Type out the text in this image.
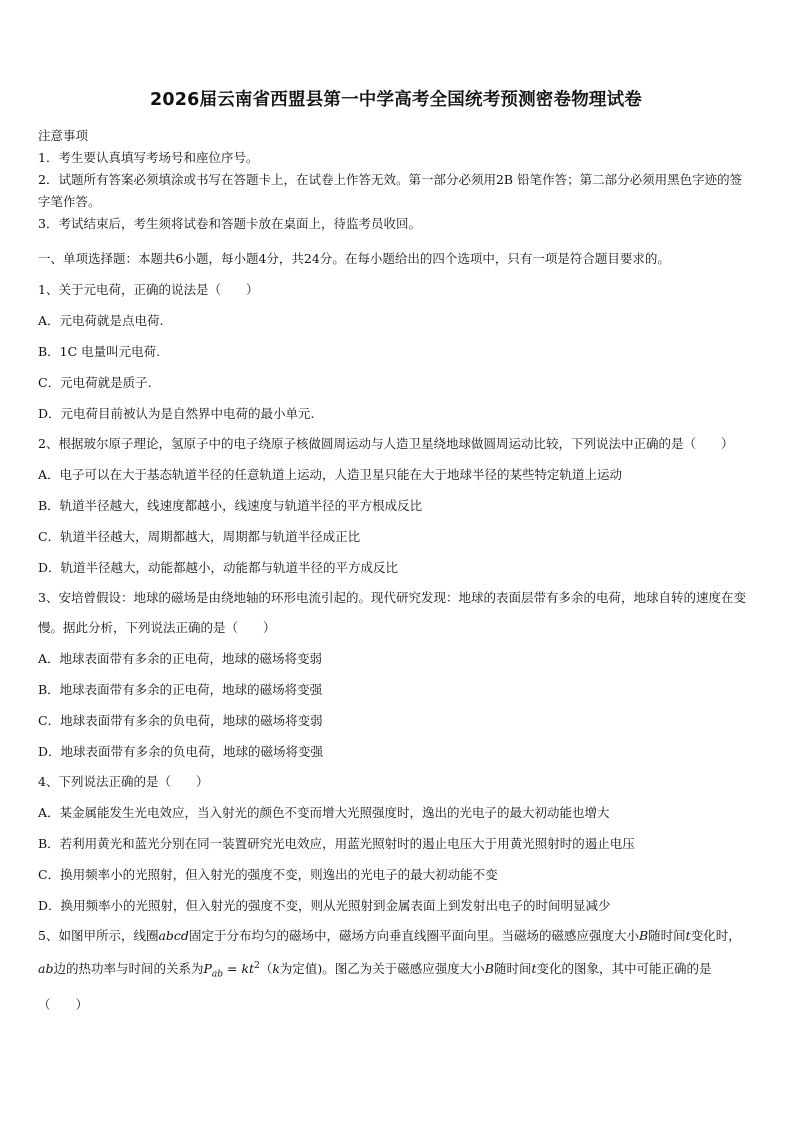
2026届云南省西盟县第一中学高考全国统考预测密卷物理试卷
注意事项
1．考生要认真填写考场号和座位序号。
2．试题所有答案必须填涂或书写在答题卡上，在试卷上作答无效。第一部分必须用2B 铅笔作答；第二部分必须用黑色字迹的签字笔作答。
3．考试结束后，考生须将试卷和答题卡放在桌面上，待监考员收回。
一、单项选择题：本题共6小题，每小题4分，共24分。在每小题给出的四个选项中，只有一项是符合题目要求的。
1、关于元电荷，正确的说法是（　　）
A．元电荷就是点电荷.
B．1C 电量叫元电荷.
C．元电荷就是质子.
D．元电荷目前被认为是自然界中电荷的最小单元.
2、根据玻尔原子理论，氢原子中的电子绕原子核做圆周运动与人造卫星绕地球做圆周运动比较，下列说法中正确的是（　　）
A．电子可以在大于基态轨道半径的任意轨道上运动，人造卫星只能在大于地球半径的某些特定轨道上运动
B．轨道半径越大，线速度都越小，线速度与轨道半径的平方根成反比
C．轨道半径越大，周期都越大，周期都与轨道半径成正比
D．轨道半径越大，动能都越小，动能都与轨道半径的平方成反比
3、安培曾假设：地球的磁场是由绕地轴的环形电流引起的。现代研究发现：地球的表面层带有多余的电荷，地球自转的速度在变慢。据此分析，下列说法正确的是（　　）
A．地球表面带有多余的正电荷，地球的磁场将变弱
B．地球表面带有多余的正电荷，地球的磁场将变强
C．地球表面带有多余的负电荷，地球的磁场将变弱
D．地球表面带有多余的负电荷，地球的磁场将变强
4、下列说法正确的是（　　）
A．某金属能发生光电效应，当入射光的颜色不变而增大光照强度时，逸出的光电子的最大初动能也增大
B．若利用黄光和蓝光分别在同一装置研究光电效应，用蓝光照射时的遏止电压大于用黄光照射时的遏止电压
C．换用频率小的光照射，但入射光的强度不变，则逸出的光电子的最大初动能不变
D．换用频率小的光照射，但入射光的强度不变，则从光照射到金属表面上到发射出电子的时间明显减少
5、如图甲所示，线圈abcd固定于分布均匀的磁场中，磁场方向垂直线圈平面向里。当磁场的磁感应强度大小B随时间t变化时，ab边的热功率与时间的关系为$P_{ab} = kt^2(k$为定值)。图乙为关于磁感应强度大小B随时间t变化的图象，其中可能正确的是（　　）
